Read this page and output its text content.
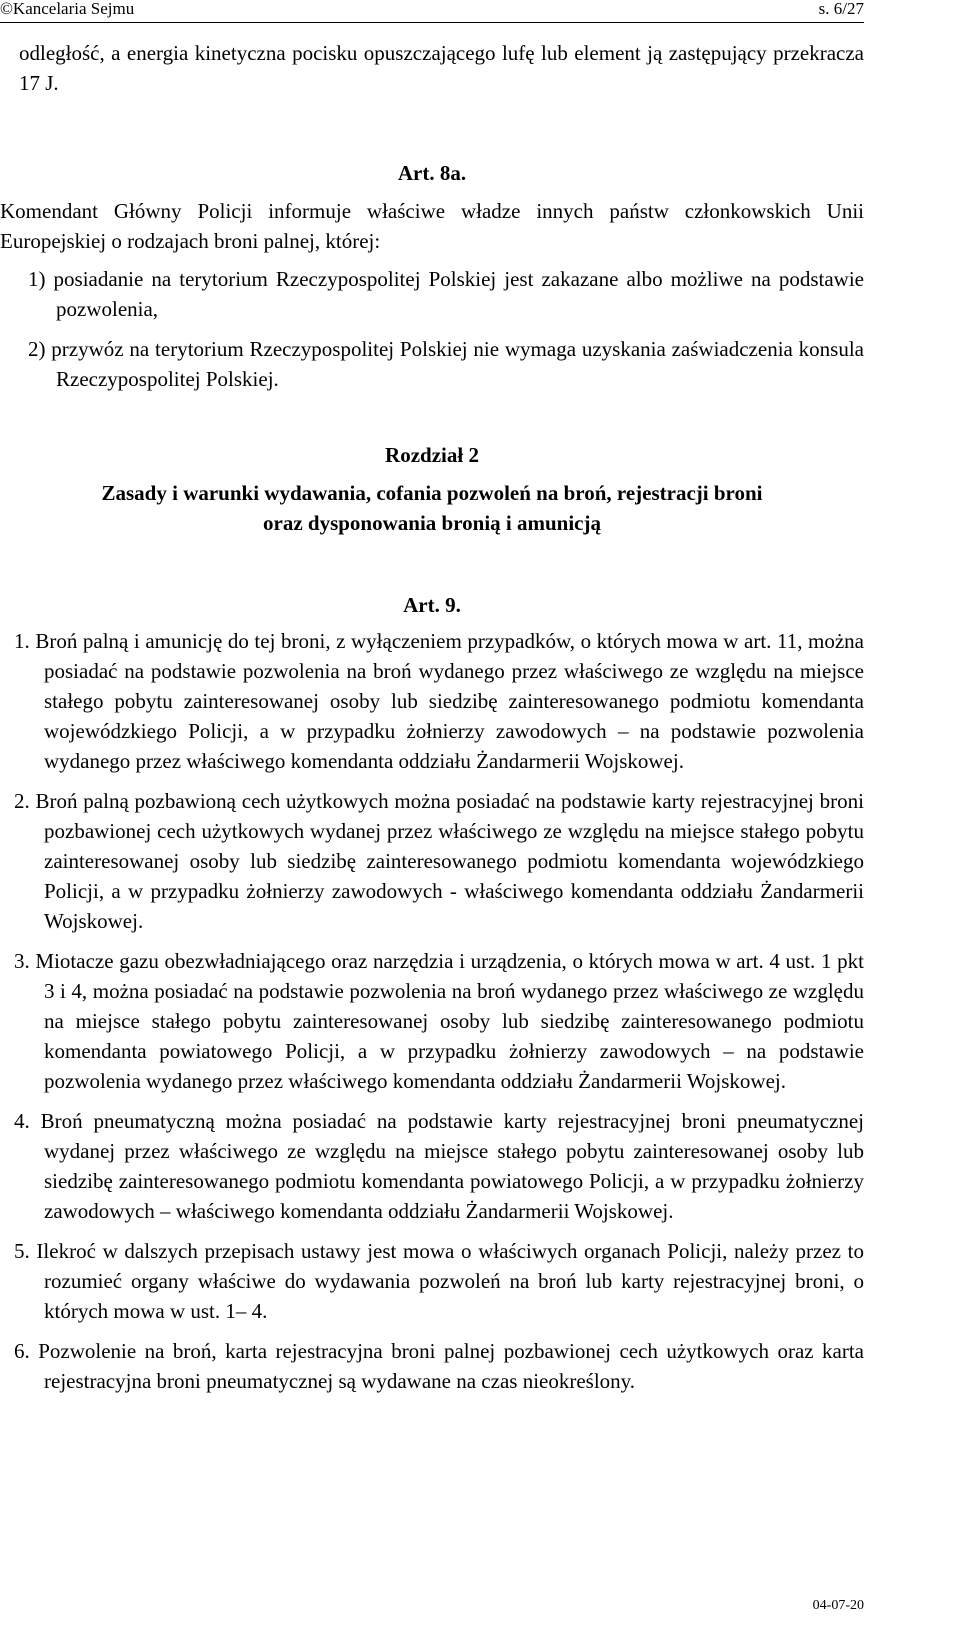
©Kancelaria Sejmu	s. 6/27

odległość, a energia kinetyczna pocisku opuszczającego lufę lub element ją zastępujący przekracza 17 J.

Art. 8a.

Komendant Główny Policji informuje właściwe władze innych państw członkowskich Unii Europejskiej o rodzajach broni palnej, której:

1) posiadanie na terytorium Rzeczypospolitej Polskiej jest zakazane albo możliwe na podstawie pozwolenia,

2) przywóz na terytorium Rzeczypospolitej Polskiej nie wymaga uzyskania zaświadczenia konsula Rzeczypospolitej Polskiej.

Rozdział 2

Zasady i warunki wydawania, cofania pozwoleń na broń, rejestracji broni

oraz dysponowania bronią i amunicją

Art. 9.

1. Broń palną i amunicję do tej broni, z wyłączeniem przypadków, o których mowa w art. 11, można posiadać na podstawie pozwolenia na broń wydanego przez właściwego ze względu na miejsce stałego pobytu zainteresowanej osoby lub siedzibę zainteresowanego podmiotu komendanta wojewódzkiego Policji, a w przypadku żołnierzy zawodowych – na podstawie pozwolenia wydanego przez właściwego komendanta oddziału Żandarmerii Wojskowej.

2. Broń palną pozbawioną cech użytkowych można posiadać na podstawie karty rejestracyjnej broni pozbawionej cech użytkowych wydanej przez właściwego ze względu na miejsce stałego pobytu zainteresowanej osoby lub siedzibę zainteresowanego podmiotu komendanta wojewódzkiego Policji, a w przypadku żołnierzy zawodowych - właściwego komendanta oddziału Żandarmerii Wojskowej.

3. Miotacze gazu obezwładniającego oraz narzędzia i urządzenia, o których mowa w art. 4 ust. 1 pkt 3 i 4, można posiadać na podstawie pozwolenia na broń wydanego przez właściwego ze względu na miejsce stałego pobytu zainteresowanej osoby lub siedzibę zainteresowanego podmiotu komendanta powiatowego Policji, a w przypadku żołnierzy zawodowych – na podstawie pozwolenia wydanego przez właściwego komendanta oddziału Żandarmerii Wojskowej.

4. Broń pneumatyczną można posiadać na podstawie karty rejestracyjnej broni pneumatycznej wydanej przez właściwego ze względu na miejsce stałego pobytu zainteresowanej osoby lub siedzibę zainteresowanego podmiotu komendanta powiatowego Policji, a w przypadku żołnierzy zawodowych – właściwego komendanta oddziału Żandarmerii Wojskowej.

5. Ilekroć w dalszych przepisach ustawy jest mowa o właściwych organach Policji, należy przez to rozumieć organy właściwe do wydawania pozwoleń na broń lub karty rejestracyjnej broni, o których mowa w ust. 1– 4.

6. Pozwolenie na broń, karta rejestracyjna broni palnej pozbawionej cech użytkowych oraz karta rejestracyjna broni pneumatycznej są wydawane na czas nieokreślony.

04-07-20
